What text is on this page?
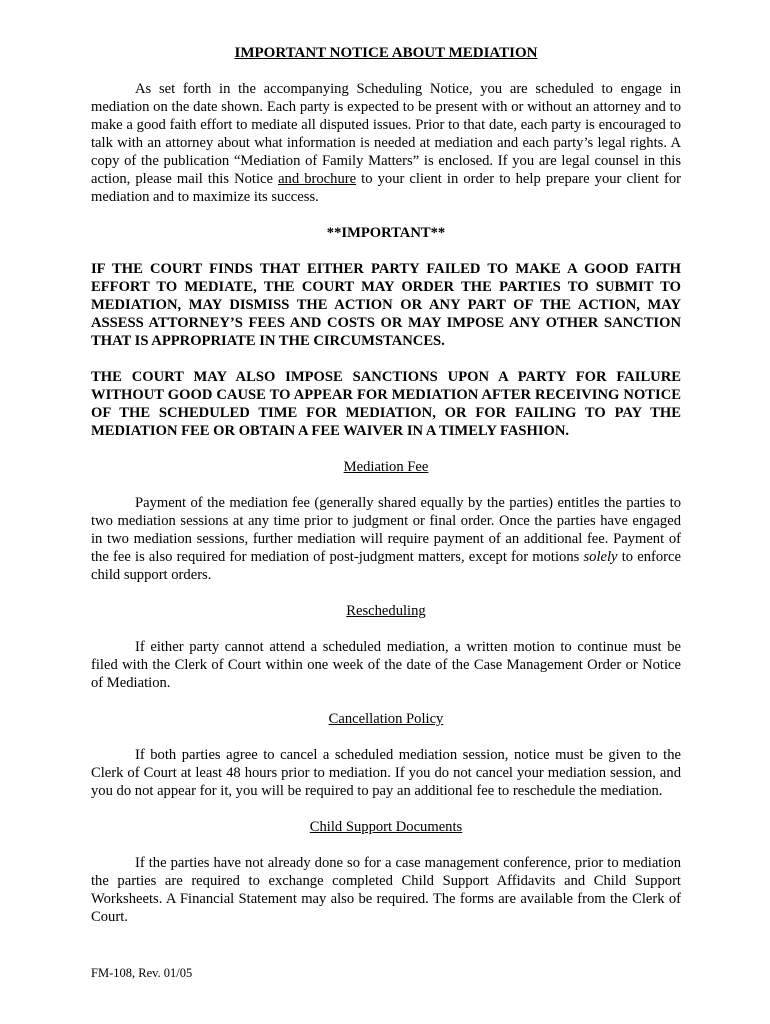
IMPORTANT NOTICE ABOUT MEDIATION

As set forth in the accompanying Scheduling Notice, you are scheduled to engage in mediation on the date shown. Each party is expected to be present with or without an attorney and to make a good faith effort to mediate all disputed issues. Prior to that date, each party is encouraged to talk with an attorney about what information is needed at mediation and each party’s legal rights. A copy of the publication “Mediation of Family Matters” is enclosed. If you are legal counsel in this action, please mail this Notice and brochure to your client in order to help prepare your client for mediation and to maximize its success.

**IMPORTANT**

IF THE COURT FINDS THAT EITHER PARTY FAILED TO MAKE A GOOD FAITH EFFORT TO MEDIATE, THE COURT MAY ORDER THE PARTIES TO SUBMIT TO MEDIATION, MAY DISMISS THE ACTION OR ANY PART OF THE ACTION, MAY ASSESS ATTORNEY’S FEES AND COSTS OR MAY IMPOSE ANY OTHER SANCTION THAT IS APPROPRIATE IN THE CIRCUMSTANCES.

THE COURT MAY ALSO IMPOSE SANCTIONS UPON A PARTY FOR FAILURE WITHOUT GOOD CAUSE TO APPEAR FOR MEDIATION AFTER RECEIVING NOTICE OF THE SCHEDULED TIME FOR MEDIATION, OR FOR FAILING TO PAY THE MEDIATION FEE OR OBTAIN A FEE WAIVER IN A TIMELY FASHION.

Mediation Fee

Payment of the mediation fee (generally shared equally by the parties) entitles the parties to two mediation sessions at any time prior to judgment or final order. Once the parties have engaged in two mediation sessions, further mediation will require payment of an additional fee. Payment of the fee is also required for mediation of post-judgment matters, except for motions solely to enforce child support orders.

Rescheduling

If either party cannot attend a scheduled mediation, a written motion to continue must be filed with the Clerk of Court within one week of the date of the Case Management Order or Notice of Mediation.

Cancellation Policy

If both parties agree to cancel a scheduled mediation session, notice must be given to the Clerk of Court at least 48 hours prior to mediation. If you do not cancel your mediation session, and you do not appear for it, you will be required to pay an additional fee to reschedule the mediation.

Child Support Documents

If the parties have not already done so for a case management conference, prior to mediation the parties are required to exchange completed Child Support Affidavits and Child Support Worksheets. A Financial Statement may also be required. The forms are available from the Clerk of Court.

FM-108, Rev. 01/05
